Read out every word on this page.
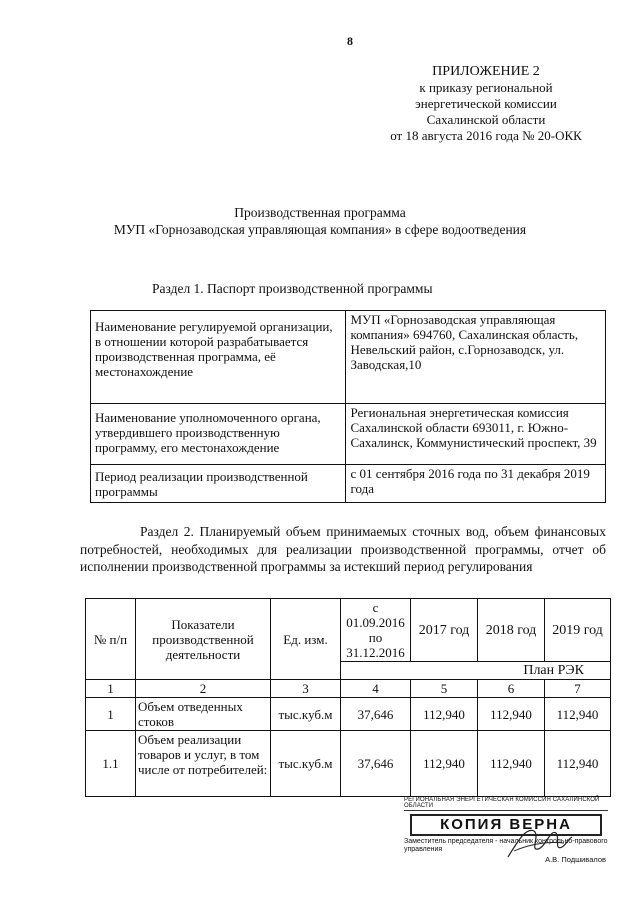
8
ПРИЛОЖЕНИЕ 2
к приказу региональной
энергетической комиссии
Сахалинской области
от 18 августа 2016 года № 20-ОКК
Производственная программа
МУП «Горнозаводская управляющая компания» в сфере водоотведения
Раздел 1. Паспорт производственной программы
Наименование регулируемой организации, в отношении которой разрабатывается производственная программа, её местонахождение	МУП «Горнозаводская управляющая компания» 694760, Сахалинская область, Невельский район, с.Горнозаводск, ул. Заводская,10
Наименование уполномоченного органа, утвердившего производственную программу, его местонахождение	Региональная энергетическая комиссия Сахалинской области 693011, г. Южно-Сахалинск, Коммунистический проспект, 39
Период реализации производственной программы	с 01 сентября 2016 года по 31 декабря 2019 года
Раздел 2. Планируемый объем принимаемых сточных вод, объем финансовых потребностей, необходимых для реализации производственной программы, отчет об исполнении производственной программы за истекший период регулирования
№ п/п	Показатели производственной деятельности	Ед. изм.	с 01.09.2016 по 31.12.2016	2017 год	2018 год	2019 год
			План РЭК			
1	2	3	4	5	6	7
1	Объем отведенных стоков	тыс.куб.м	37,646	112,940	112,940	112,940
1.1	Объем реализации товаров и услуг, в том числе от потребителей:	тыс.куб.м	37,646	112,940	112,940	112,940
РЕГИОНАЛЬНАЯ ЭНЕРГЕТИЧЕСКАЯ КОМИССИЯ САХАЛИНСКОЙ ОБЛАСТИ
КОПИЯ ВЕРНА
Заместитель председателя - начальник контрольно-правового управления
А.В. Подшивалов
